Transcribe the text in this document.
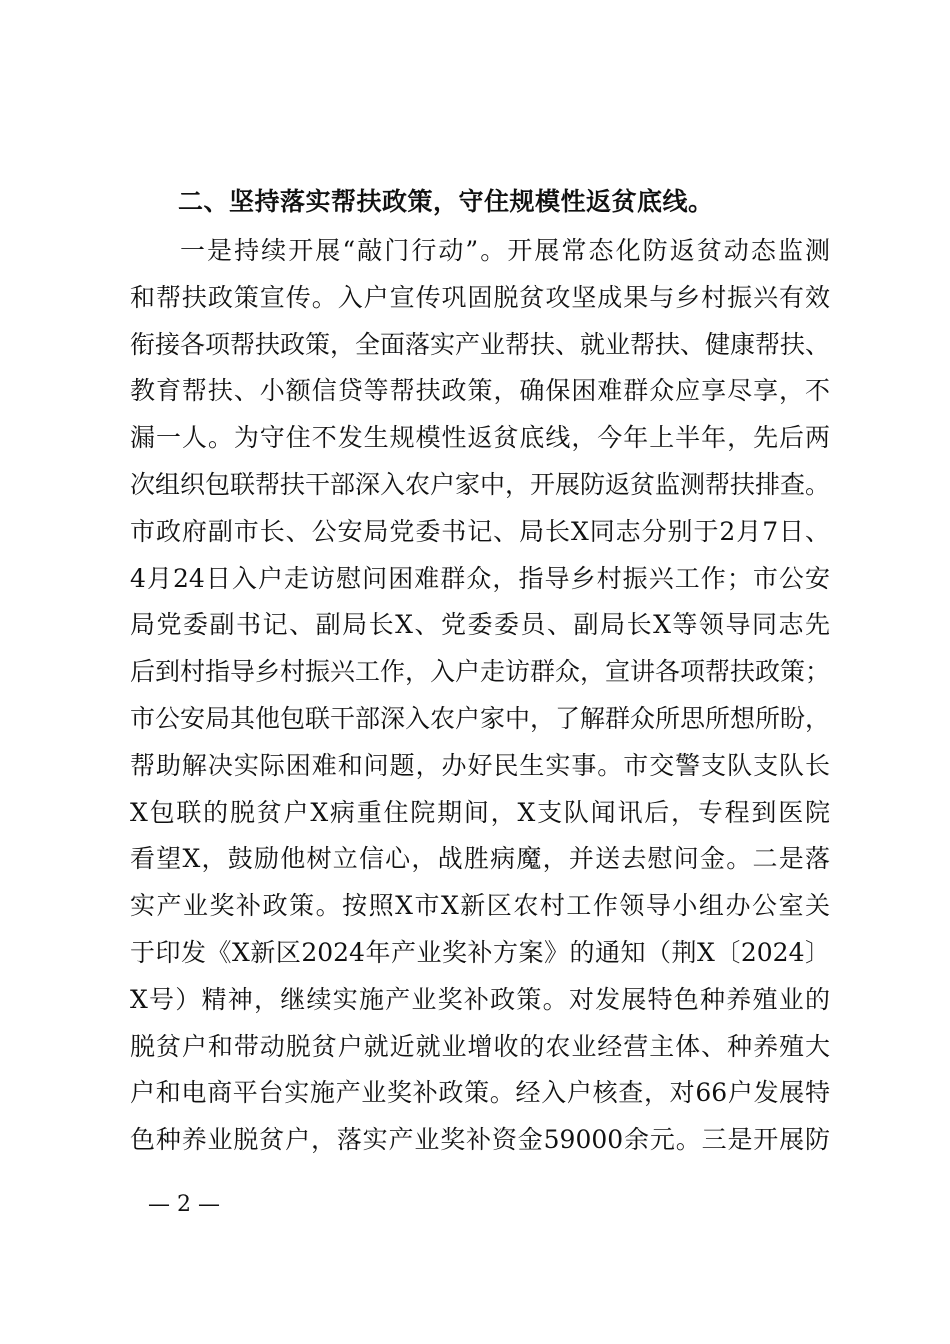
二、坚持落实帮扶政策，守住规模性返贫底线。
一是持续开展“敲门行动”。开展常态化防返贫动态监测
和帮扶政策宣传。入户宣传巩固脱贫攻坚成果与乡村振兴有效
衔接各项帮扶政策，全面落实产业帮扶、就业帮扶、健康帮扶、
教育帮扶、小额信贷等帮扶政策，确保困难群众应享尽享，不
漏一人。为守住不发生规模性返贫底线，今年上半年，先后两
次组织包联帮扶干部深入农户家中，开展防返贫监测帮扶排查。
市政府副市长、公安局党委书记、局长X同志分别于2月7日、
4月24日入户走访慰问困难群众，指导乡村振兴工作；市公安
局党委副书记、副局长X、党委委员、副局长X等领导同志先
后到村指导乡村振兴工作，入户走访群众，宣讲各项帮扶政策；
市公安局其他包联干部深入农户家中，了解群众所思所想所盼，
帮助解决实际困难和问题，办好民生实事。市交警支队支队长
X包联的脱贫户X病重住院期间，X支队闻讯后，专程到医院
看望X，鼓励他树立信心，战胜病魔，并送去慰问金。二是落
实产业奖补政策。按照X市X新区农村工作领导小组办公室关
于印发《X新区2024年产业奖补方案》的通知（荆X〔2024〕
X号）精神，继续实施产业奖补政策。对发展特色种养殖业的
脱贫户和带动脱贫户就近就业增收的农业经营主体、种养殖大
户和电商平台实施产业奖补政策。经入户核查，对66户发展特
色种养业脱贫户，落实产业奖补资金59000余元。三是开展防
— 2 —
